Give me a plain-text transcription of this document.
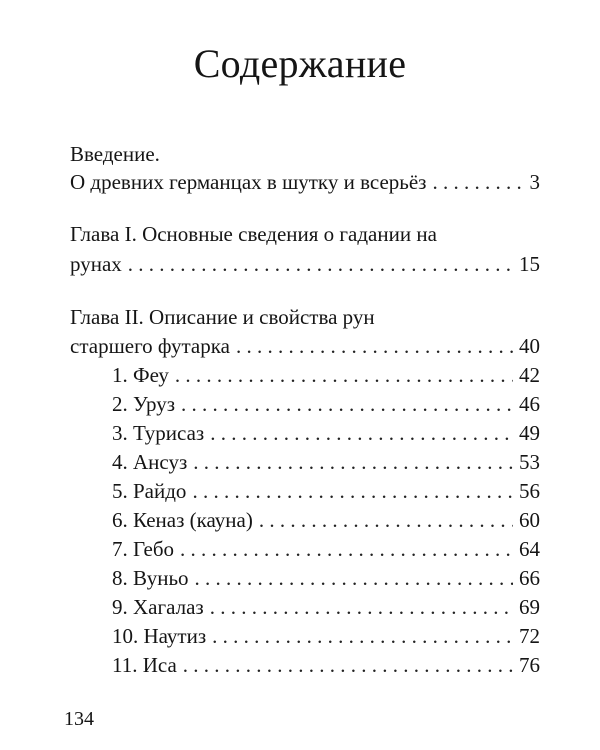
Содержание
Введение.
О древних германцах в шутку и всерьёз . . .	3
Глава I. Основные сведения о гадании на
рунах . . .	15
Глава II. Описание и свойства рун
старшего футарка . . .	40
1. Феу . . .	42
2. Уруз . . .	46
3. Турисаз . . .	49
4. Ансуз . . .	53
5. Райдо . . .	56
6. Кеназ (кауна) . . .	60
7. Гебо . . .	64
8. Вуньо . . .	66
9. Хагалаз . . .	69
10. Наутиз . . .	72
11. Иса . . .	76
134
